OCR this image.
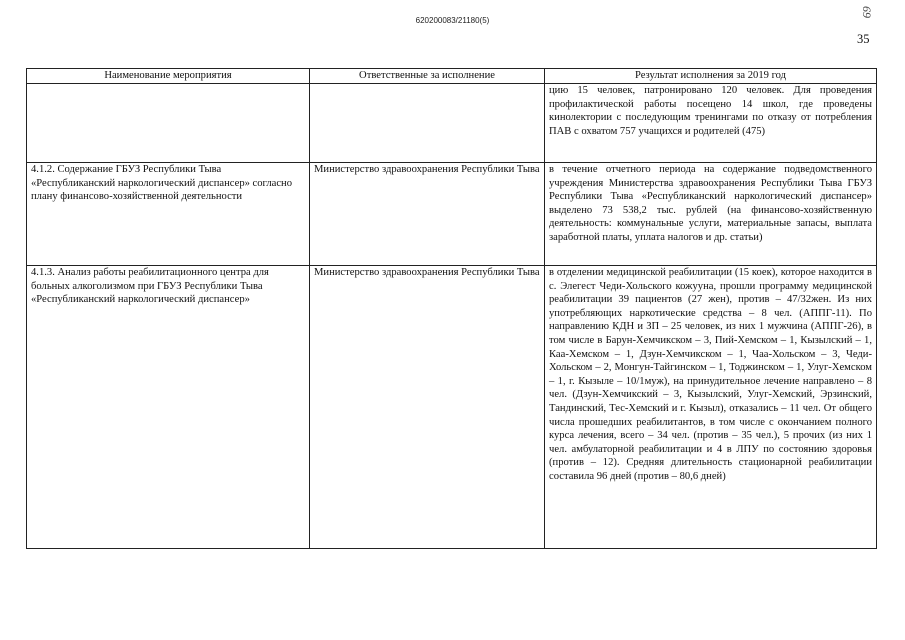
620200083/21180(5)
35
69
Наименование мероприятия	Ответственные за исполнение	Результат исполнения за 2019 год
		цию 15 человек, патронировано 120 человек. Для проведения профилактической работы посещено 14 школ, где проведены кинолектории с последующим тренингами по отказу от потребления ПАВ с охватом 757 учащихся и родителей (475)
4.1.2. Содержание ГБУЗ Республики Тыва «Республиканский наркологический диспансер» согласно плану финансово-хозяйственной деятельности	Министерство здравоохранения Республики Тыва	в течение отчетного периода на содержание подведомственного учреждения Министерства здравоохранения Республики Тыва ГБУЗ Республики Тыва «Республиканский наркологический диспансер» выделено 73 538,2 тыс. рублей (на финансово-хозяйственную деятельность: коммунальные услуги, материальные запасы, выплата заработной платы, уплата налогов и др. статьи)
4.1.3. Анализ работы реабилитационного центра для больных алкоголизмом при ГБУЗ Республики Тыва «Республиканский наркологический диспансер»	Министерство здравоохранения Республики Тыва	в отделении медицинской реабилитации (15 коек), которое находится в с. Элегест Чеди-Хольского кожууна, прошли программу медицинской реабилитации 39 пациентов (27 жен), против – 47/32жен. Из них употребляющих наркотические средства – 8 чел. (АППГ-11). По направлению КДН и ЗП – 25 человек, из них 1 мужчина (АППГ-26), в том числе в Барун-Хемчикском – 3, Пий-Хемском – 1, Кызылский – 1, Каа-Хемском – 1, Дзун-Хемчикском – 1, Чаа-Хольском – 3, Чеди-Хольском – 2, Монгун-Тайгинском – 1, Тоджинском – 1, Улуг-Хемском – 1, г. Кызыле – 10/1муж), на принудительное лечение направлено – 8 чел. (Дзун-Хемчикский – 3, Кызылский, Улуг-Хемский, Эрзинский, Тандинский, Тес-Хемский и г. Кызыл), отказались – 11 чел. От общего числа прошедших реабилитантов, в том числе с окончанием полного курса лечения, всего – 34 чел. (против – 35 чел.), 5 прочих (из них 1 чел. амбулаторной реабилитации и 4 в ЛПУ по состоянию здоровья (против – 12). Средняя длительность стационарной реабилитации составила 96 дней (против – 80,6 дней)
